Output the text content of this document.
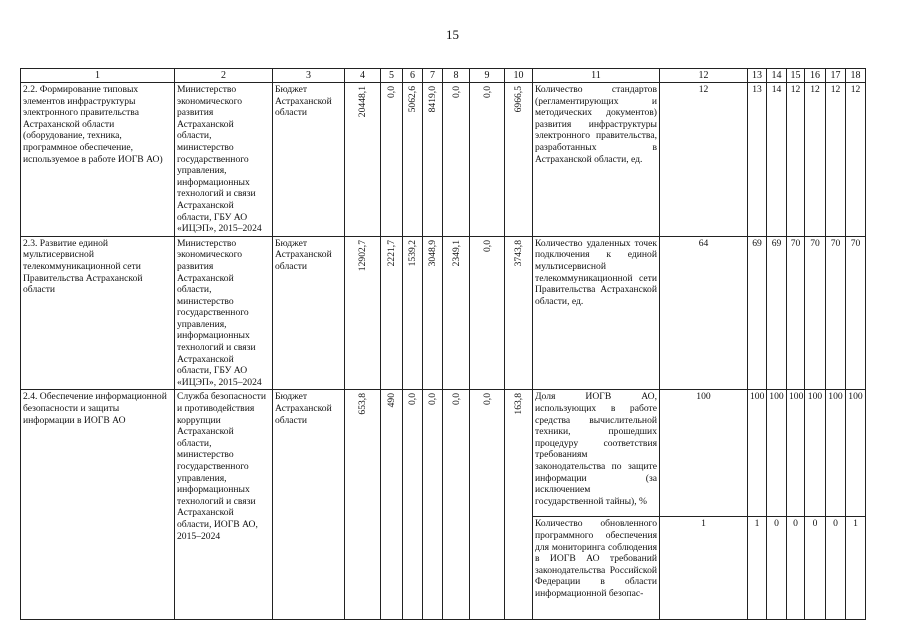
15
1	2	3	4	5	6	7	8	9	10	11	12	13	14	15	16	17	18
2.2. Формирование типовых элементов инфраструктуры электронного правительства Астраханской области (оборудование, техника, программное обеспечение, используемое в работе ИОГВ АО)	Министерство экономического развития Астраханской области, министерство государственного управления, информационных технологий и связи Астраханской области, ГБУ АО «ИЦЭП», 2015–2024	Бюджет Астраханской области	20448,1	0,0	5062,6	8419,0	0,0	0,0	6966,5	Количество стандартов (регламентирующих и методических документов) развития инфраструктуры электронного правительства, разработанных в Астраханской области, ед.	12	13	14	12	12	12	12
2.3. Развитие единой мультисервисной телекоммуникационной сети Правительства Астраханской области	Министерство экономического развития Астраханской области, министерство государственного управления, информационных технологий и связи Астраханской области, ГБУ АО «ИЦЭП», 2015–2024	Бюджет Астраханской области	12902,7	2221,7	1539,2	3048,9	2349,1	0,0	3743,8	Количество удаленных точек подключения к единой мультисервисной телекоммуникационной сети Правительства Астраханской области, ед.	64	69	69	70	70	70	70
2.4. Обеспечение информационной безопасности и защиты информации в ИОГВ АО	Служба безопасности и противодействия коррупции Астраханской области, министерство государственного управления, информационных технологий и связи Астраханской области, ИОГВ АО, 2015–2024	Бюджет Астраханской области	653,8	490	0,0	0,0	0,0	0,0	163,8	Доля ИОГВ АО, использующих в работе средства вычислительной техники, прошедших процедуру соответствия требованиям законодательства по защите информации (за исключением государственной тайны), %	100	100	100	100	100	100	100
										Количество обновленного программного обеспечения для мониторинга соблюдения в ИОГВ АО требований законодательства Российской Федерации в области информационной безопас-	1	1	0	0	0	0	1
